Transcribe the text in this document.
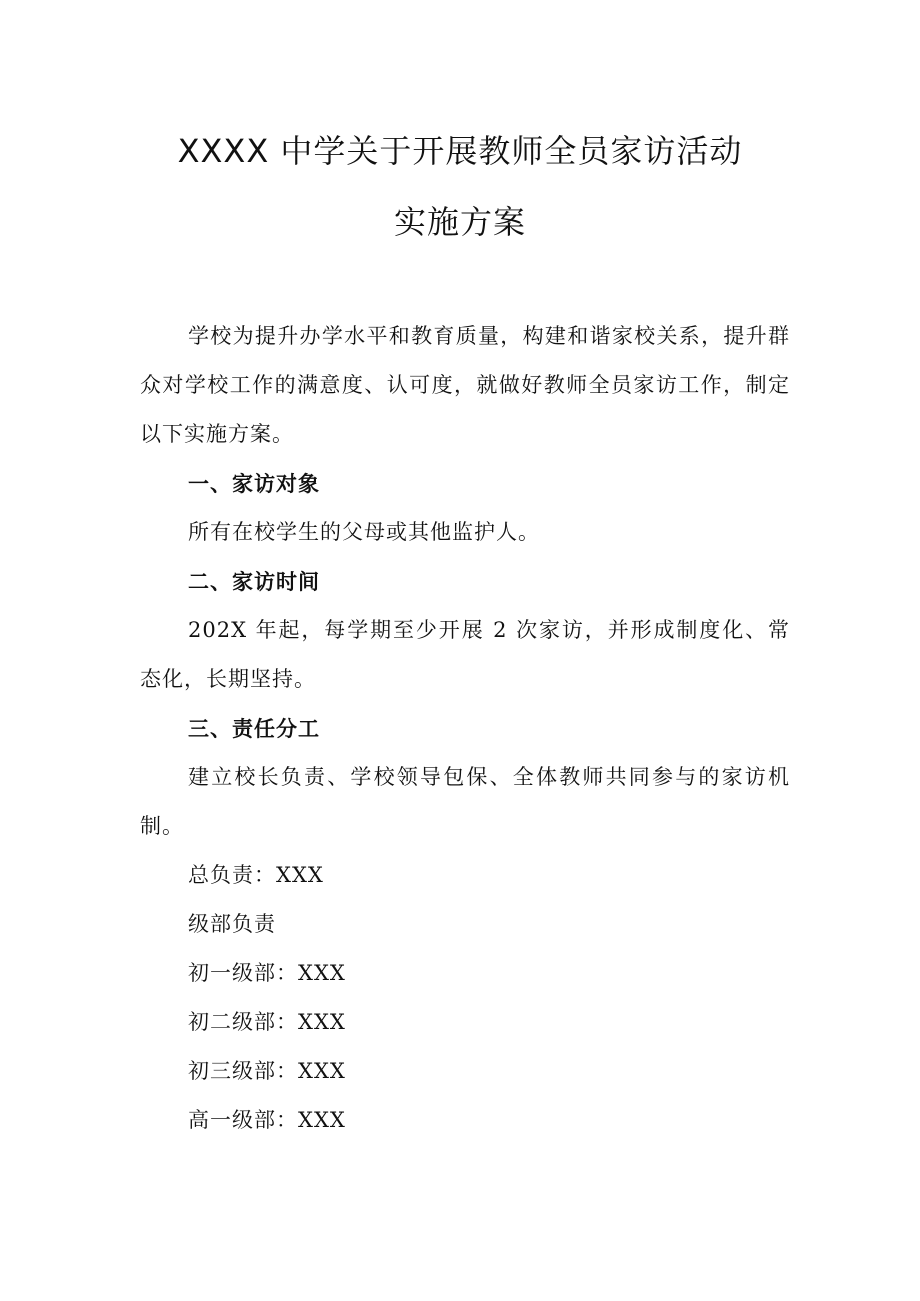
XXXX 中学关于开展教师全员家访活动
实施方案

学校为提升办学水平和教育质量，构建和谐家校关系，提升群众对学校工作的满意度、认可度，就做好教师全员家访工作，制定以下实施方案。

一、家访对象

所有在校学生的父母或其他监护人。

二、家访时间

202X 年起，每学期至少开展 2 次家访，并形成制度化、常态化，长期坚持。

三、责任分工

建立校长负责、学校领导包保、全体教师共同参与的家访机制。

总负责：XXX

级部负责

初一级部：XXX

初二级部：XXX

初三级部：XXX

高一级部：XXX
